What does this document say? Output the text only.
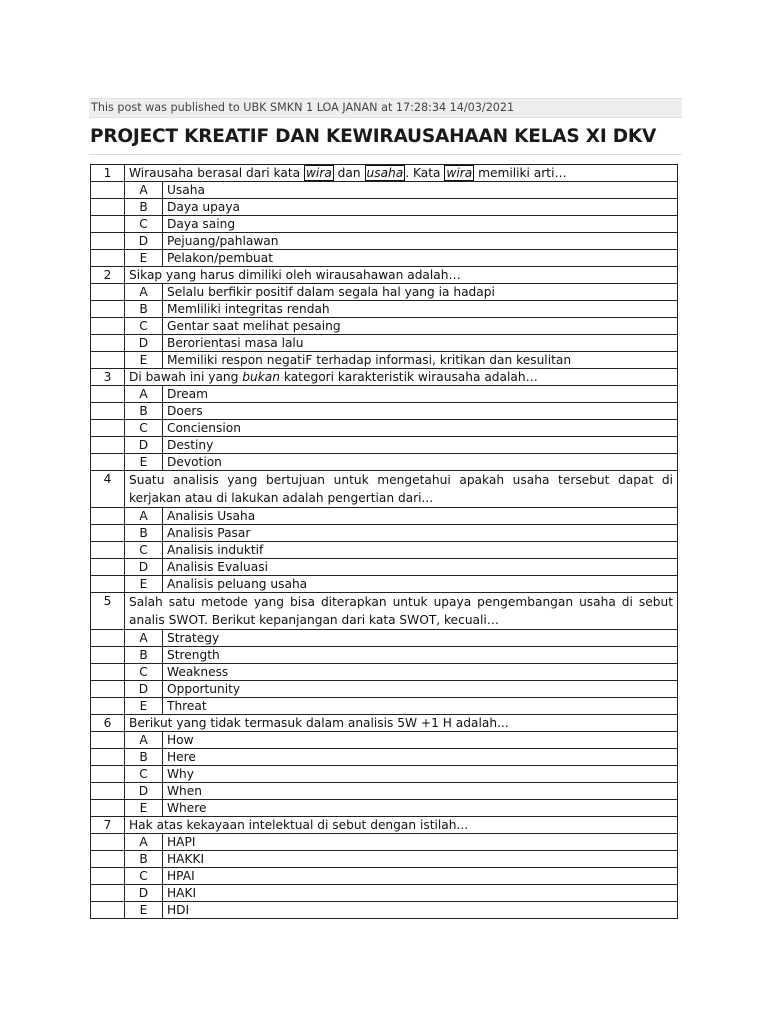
This post was published to UBK SMKN 1 LOA JANAN at 17:28:34 14/03/2021
PROJECT KREATIF DAN KEWIRAUSAHAAN KELAS XI DKV
1	Wirausaha berasal dari kata wira dan usaha . Kata wira memiliki arti…	
	A	Usaha
	B	Daya upaya
	C	Daya saing
	D	Pejuang/pahlawan
	E	Pelakon/pembuat
2	Sikap yang harus dimiliki oleh wirausahawan adalah…	
	A	Selalu berfikir positif dalam segala hal yang ia hadapi
	B	Memliliki integritas rendah
	C	Gentar saat melihat pesaing
	D	Berorientasi masa lalu
	E	Memiliki respon negatiF terhadap informasi, kritikan dan kesulitan
3	Di bawah ini yang bukan kategori karakteristik wirausaha adalah…	
	A	Dream
	B	Doers
	C	Conciension
	D	Destiny
	E	Devotion
4	Suatu analisis yang bertujuan untuk mengetahui apakah usaha tersebut dapat di kerjakan atau di lakukan adalah pengertian dari...	
	A	Analisis Usaha
	B	Analisis Pasar
	C	Analisis induktif
	D	Analisis Evaluasi
	E	Analisis peluang usaha
5	Salah satu metode yang bisa diterapkan untuk upaya pengembangan usaha di sebut analis SWOT. Berikut kepanjangan dari kata SWOT, kecuali…	
	A	Strategy
	B	Strength
	C	Weakness
	D	Opportunity
	E	Threat
6	Berikut yang tidak termasuk dalam analisis 5W +1 H adalah...	
	A	How
	B	Here
	C	Why
	D	When
	E	Where
7	Hak atas kekayaan intelektual di sebut dengan istilah...	
	A	HAPI
	B	HAKKI
	C	HPAI
	D	HAKI
	E	HDI
